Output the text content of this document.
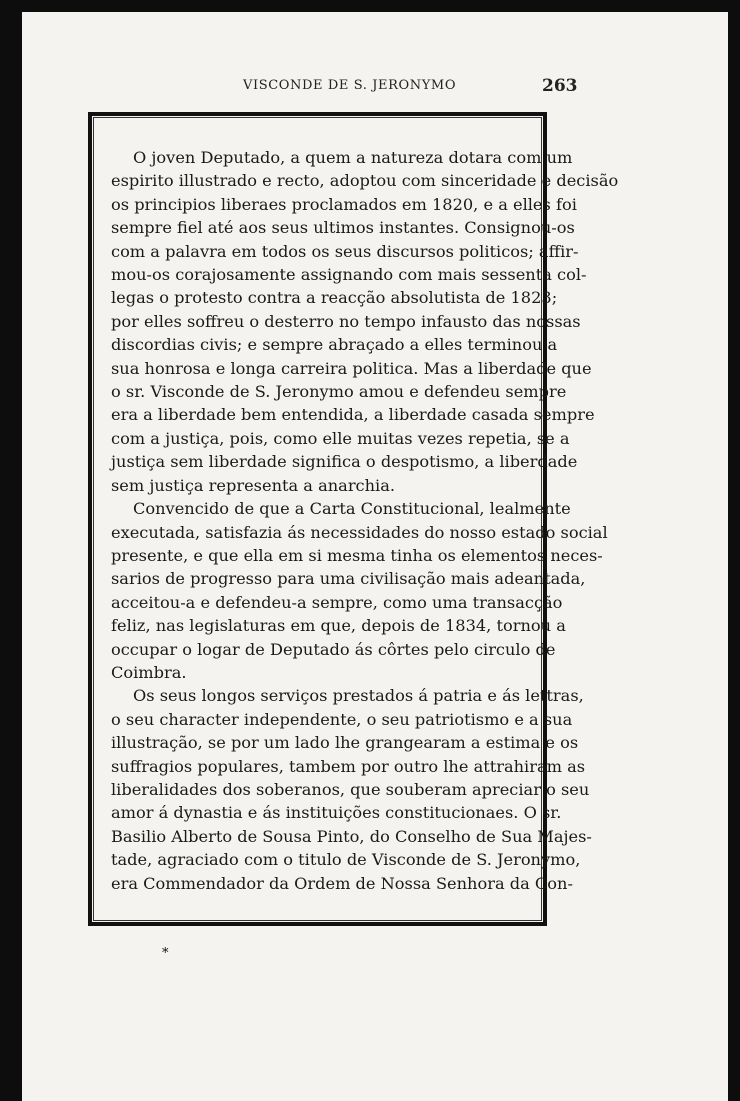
VISCONDE DE S. JERONYMO	263
O joven Deputado, a quem a natureza dotara com um
espirito illustrado e recto, adoptou com sinceridade e decisão
os principios liberaes proclamados em 1820, e a elles foi
sempre fiel até aos seus ultimos instantes. Consignou-os
com a palavra em todos os seus discursos politicos; affir-
mou-os corajosamente assignando com mais sessenta col-
legas o protesto contra a reacção absolutista de 1823;
por elles soffreu o desterro no tempo infausto das nossas
discordias civis; e sempre abraçado a elles terminou a
sua honrosa e longa carreira politica. Mas a liberdade que
o sr. Visconde de S. Jeronymo amou e defendeu sempre
era a liberdade bem entendida, a liberdade casada sempre
com a justiça, pois, como elle muitas vezes repetia, se a
justiça sem liberdade significa o despotismo, a liberdade
sem justiça representa a anarchia.
Convencido de que a Carta Constitucional, lealmente
executada, satisfazia ás necessidades do nosso estado social
presente, e que ella em si mesma tinha os elementos neces-
sarios de progresso para uma civilisação mais adeantada,
acceitou-a e defendeu-a sempre, como uma transacção
feliz, nas legislaturas em que, depois de 1834, tornou a
occupar o logar de Deputado ás côrtes pelo circulo de
Coimbra.
Os seus longos serviços prestados á patria e ás lettras,
o seu character independente, o seu patriotismo e a sua
illustração, se por um lado lhe grangearam a estima e os
suffragios populares, tambem por outro lhe attrahiram as
liberalidades dos soberanos, que souberam apreciar o seu
amor á dynastia e ás instituições constitucionaes. O sr.
Basilio Alberto de Sousa Pinto, do Conselho de Sua Majes-
tade, agraciado com o titulo de Visconde de S. Jeronymo,
era Commendador da Ordem de Nossa Senhora da Con-
*
